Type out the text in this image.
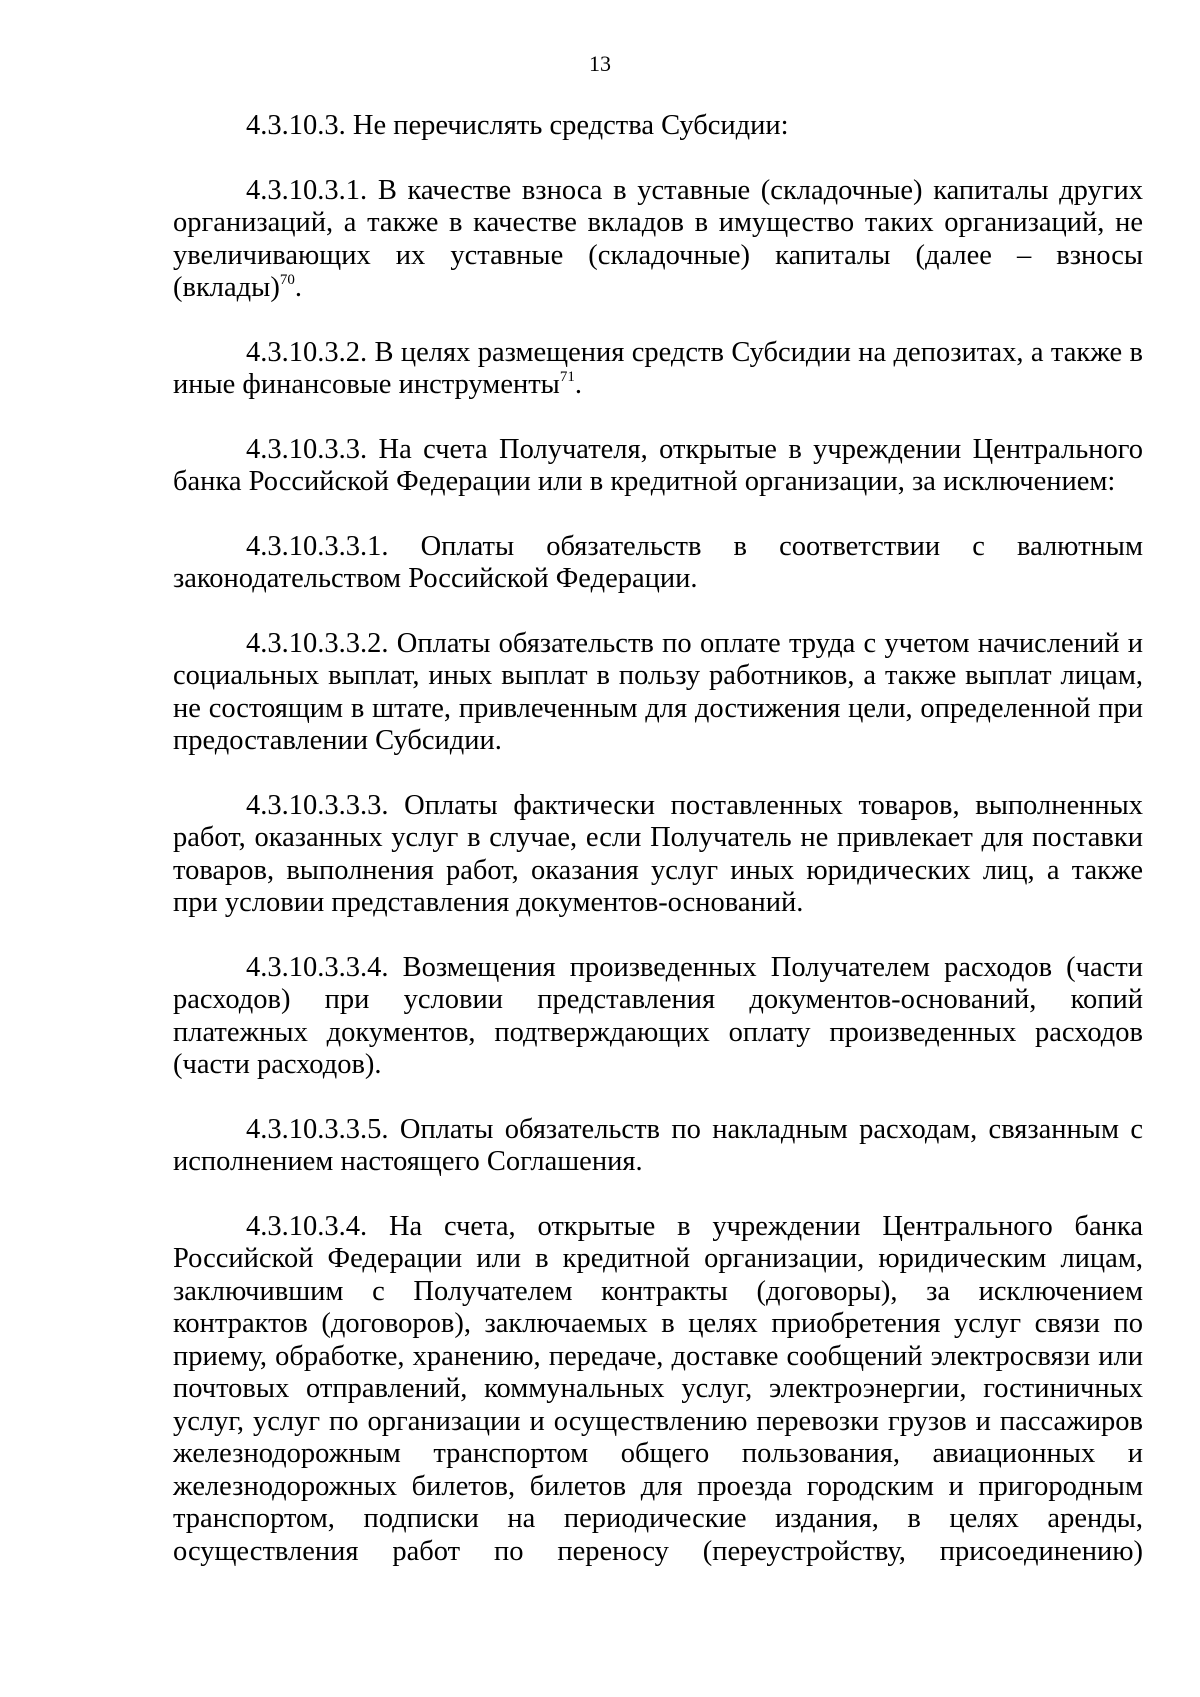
13

4.3.10.3. Не перечислять средства Субсидии:

4.3.10.3.1. В качестве взноса в уставные (складочные) капиталы других организаций, а также в качестве вкладов в имущество таких организаций, не увеличивающих их уставные (складочные) капиталы (далее – взносы (вклады)$^{70}$.

4.3.10.3.2. В целях размещения средств Субсидии на депозитах, а также в иные финансовые инструменты$^{71}$.

4.3.10.3.3. На счета Получателя, открытые в учреждении Центрального банка Российской Федерации или в кредитной организации, за исключением:

4.3.10.3.3.1. Оплаты обязательств в соответствии с валютным законодательством Российской Федерации.

4.3.10.3.3.2. Оплаты обязательств по оплате труда с учетом начислений и социальных выплат, иных выплат в пользу работников, а также выплат лицам, не состоящим в штате, привлеченным для достижения цели, определенной при предоставлении Субсидии.

4.3.10.3.3.3. Оплаты фактически поставленных товаров, выполненных работ, оказанных услуг в случае, если Получатель не привлекает для поставки товаров, выполнения работ, оказания услуг иных юридических лиц, а также при условии представления документов-оснований.

4.3.10.3.3.4. Возмещения произведенных Получателем расходов (части расходов) при условии представления документов-оснований, копий платежных документов, подтверждающих оплату произведенных расходов (части расходов).

4.3.10.3.3.5. Оплаты обязательств по накладным расходам, связанным с исполнением настоящего Соглашения.

4.3.10.3.4. На счета, открытые в учреждении Центрального банка Российской Федерации или в кредитной организации, юридическим лицам, заключившим с Получателем контракты (договоры), за исключением контрактов (договоров), заключаемых в целях приобретения услуг связи по приему, обработке, хранению, передаче, доставке сообщений электросвязи или почтовых отправлений, коммунальных услуг, электроэнергии, гостиничных услуг, услуг по организации и осуществлению перевозки грузов и пассажиров железнодорожным транспортом общего пользования, авиационных и железнодорожных билетов, билетов для проезда городским и пригородным транспортом, подписки на периодические издания, в целях аренды, осуществления работ по переносу (переустройству, присоединению)
